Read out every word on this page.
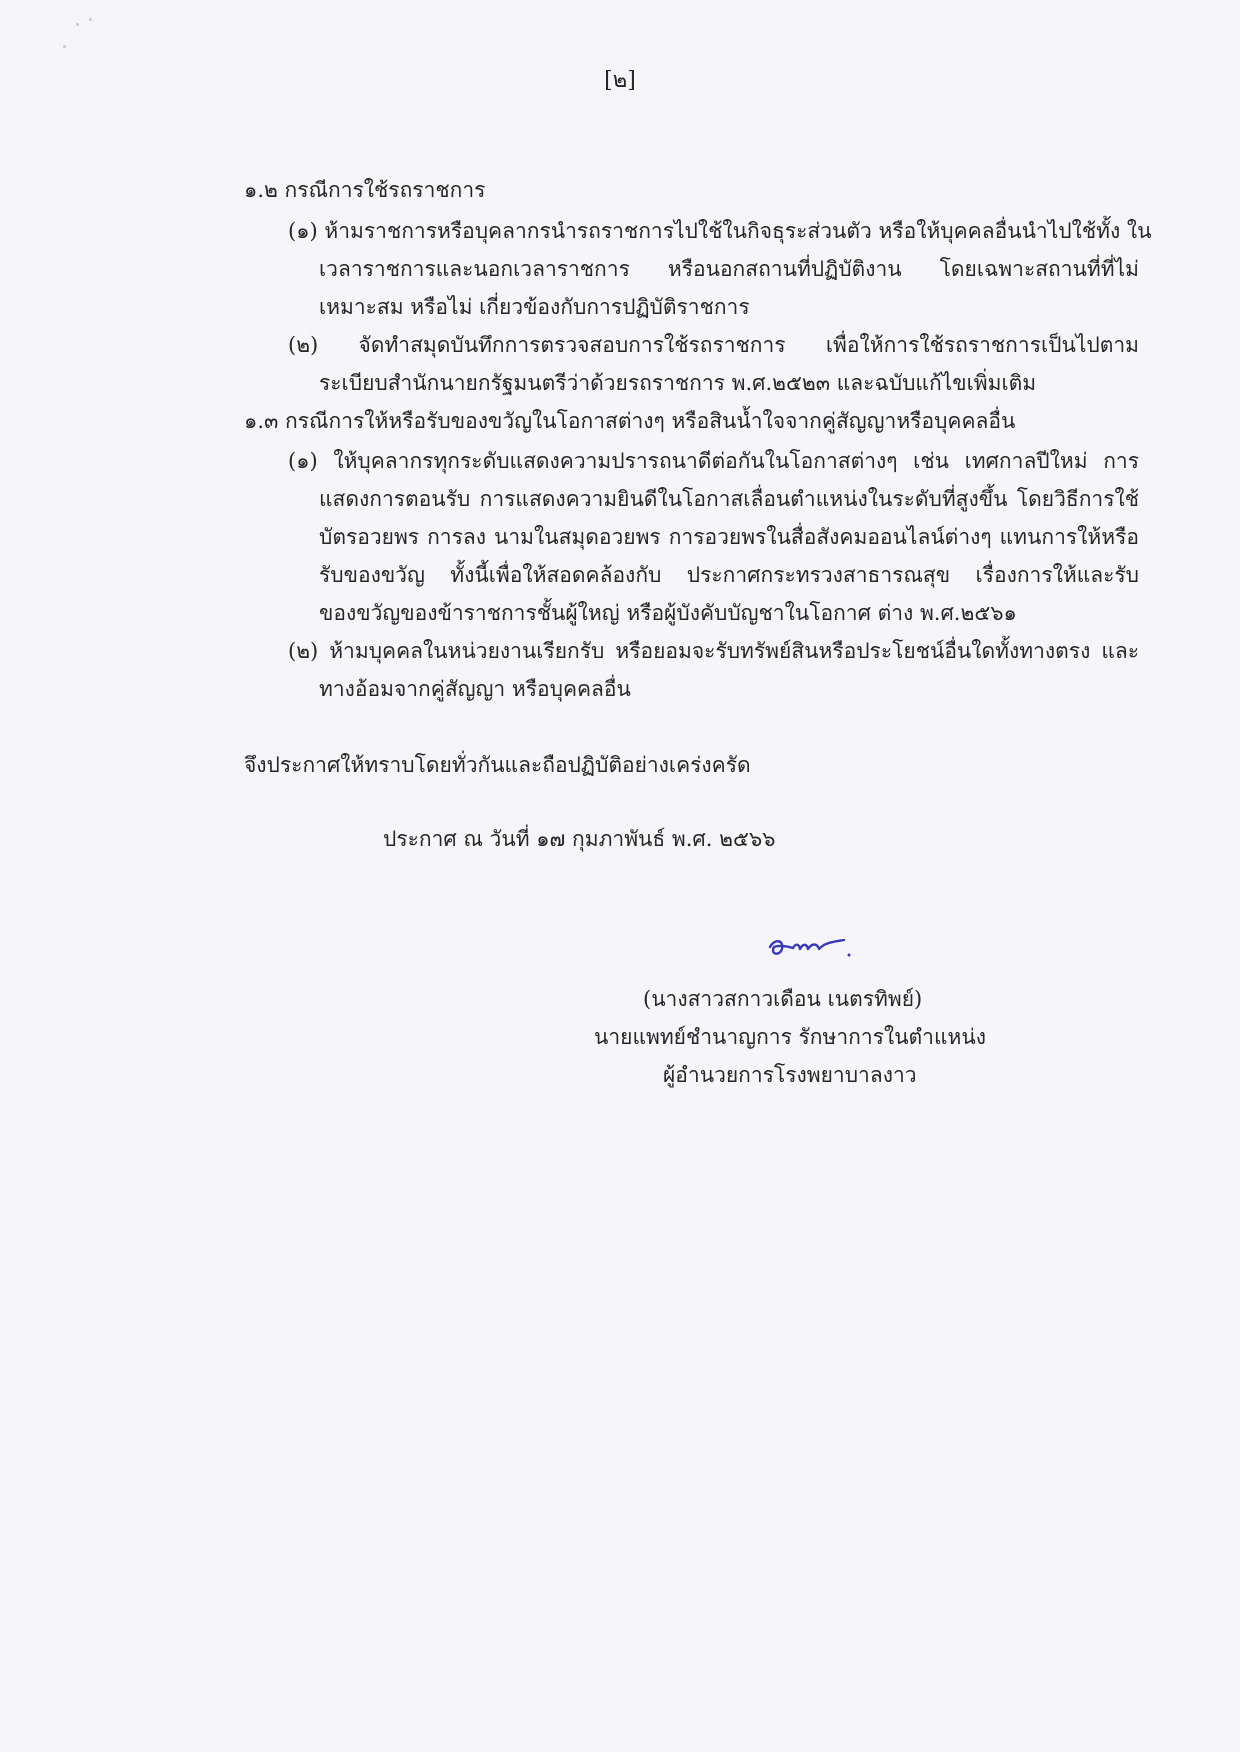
[๒]
๑.๒ กรณีการใช้รถราชการ
(๑) ห้ามราชการหรือบุคลากรนำรถราชการไปใช้ในกิจธุระส่วนตัว หรือให้บุคคลอื่นนำไปใช้ทั้ง ใน
เวลาราชการและนอกเวลาราชการ หรือนอกสถานที่ปฏิบัติงาน โดยเฉพาะสถานที่ที่ไม่
เหมาะสม หรือไม่ เกี่ยวข้องกับการปฏิบัติราชการ
(๒) จัดทำสมุดบันทึกการตรวจสอบการใช้รถราชการ เพื่อให้การใช้รถราชการเป็นไปตาม
ระเบียบสำนักนายกรัฐมนตรีว่าด้วยรถราชการ พ.ศ.๒๕๒๓ และฉบับแก้ไขเพิ่มเติม
๑.๓ กรณีการให้หรือรับของขวัญในโอกาสต่างๆ หรือสินน้ำใจจากคู่สัญญาหรือบุคคลอื่น
(๑) ให้บุคลากรทุกระดับแสดงความปรารถนาดีต่อกันในโอกาสต่างๆ เช่น เทศกาลปีใหม่ การ
แสดงการตอนรับ การแสดงความยินดีในโอกาสเลื่อนตำแหน่งในระดับที่สูงขึ้น โดยวิธีการใช้
บัตรอวยพร การลง นามในสมุดอวยพร การอวยพรในสื่อสังคมออนไลน์ต่างๆ แทนการให้หรือ
รับของขวัญ ทั้งนี้เพื่อให้สอดคล้องกับ ประกาศกระทรวงสาธารณสุข เรื่องการให้และรับ
ของขวัญของข้าราชการชั้นผู้ใหญ่ หรือผู้บังคับบัญชาในโอกาศ ต่าง พ.ศ.๒๕๖๑
(๒) ห้ามบุคคลในหน่วยงานเรียกรับ หรือยอมจะรับทรัพย์สินหรือประโยชน์อื่นใดทั้งทางตรง และ
ทางอ้อมจากคู่สัญญา หรือบุคคลอื่น
จึงประกาศให้ทราบโดยทั่วกันและถือปฏิบัติอย่างเคร่งครัด
ประกาศ ณ วันที่ ๑๗ กุมภาพันธ์ พ.ศ. ๒๕๖๖
(นางสาวสกาวเดือน เนตรทิพย์)
นายแพทย์ชำนาญการ รักษาการในตำแหน่ง
ผู้อำนวยการโรงพยาบาลงาว
